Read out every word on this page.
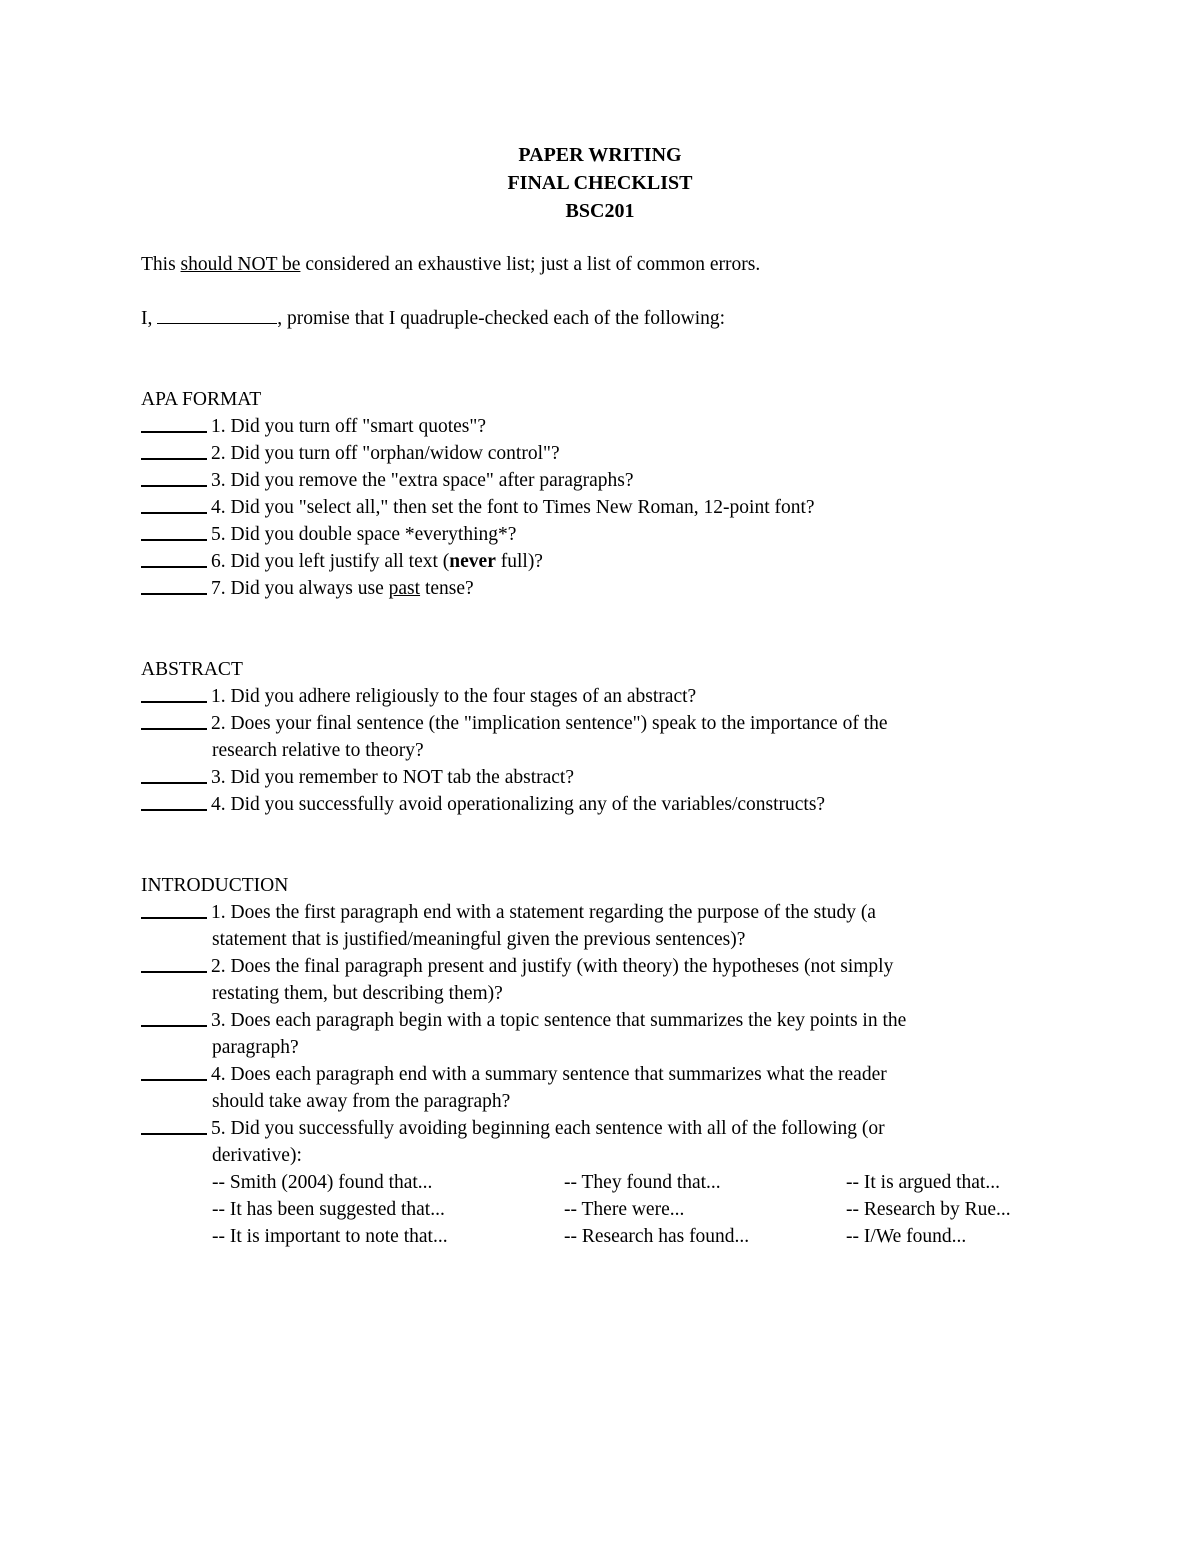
PAPER WRITING
FINAL CHECKLIST
BSC201
This should NOT be considered an exhaustive list; just a list of common errors.
I,	, promise that I quadruple-checked each of the following:
APA FORMAT
1. Did you turn off "smart quotes"?
2. Did you turn off "orphan/widow control"?
3. Did you remove the "extra space" after paragraphs?
4. Did you "select all," then set the font to Times New Roman, 12-point font?
5. Did you double space *everything*?
6. Did you left justify all text (never full)?
7. Did you always use past tense?
ABSTRACT
1. Did you adhere religiously to the four stages of an abstract?
2. Does your final sentence (the "implication sentence") speak to the importance of the
research relative to theory?
3. Did you remember to NOT tab the abstract?
4. Did you successfully avoid operationalizing any of the variables/constructs?
INTRODUCTION
1. Does the first paragraph end with a statement regarding the purpose of the study (a
statement that is justified/meaningful given the previous sentences)?
2. Does the final paragraph present and justify (with theory) the hypotheses (not simply
restating them, but describing them)?
3. Does each paragraph begin with a topic sentence that summarizes the key points in the
paragraph?
4. Does each paragraph end with a summary sentence that summarizes what the reader
should take away from the paragraph?
5. Did you successfully avoiding beginning each sentence with all of the following (or
derivative):
-- Smith (2004) found that...	-- They found that...	-- It is argued that...
-- It has been suggested that...	-- There were...	-- Research by Rue...
-- It is important to note that...	-- Research has found...	-- I/We found...
